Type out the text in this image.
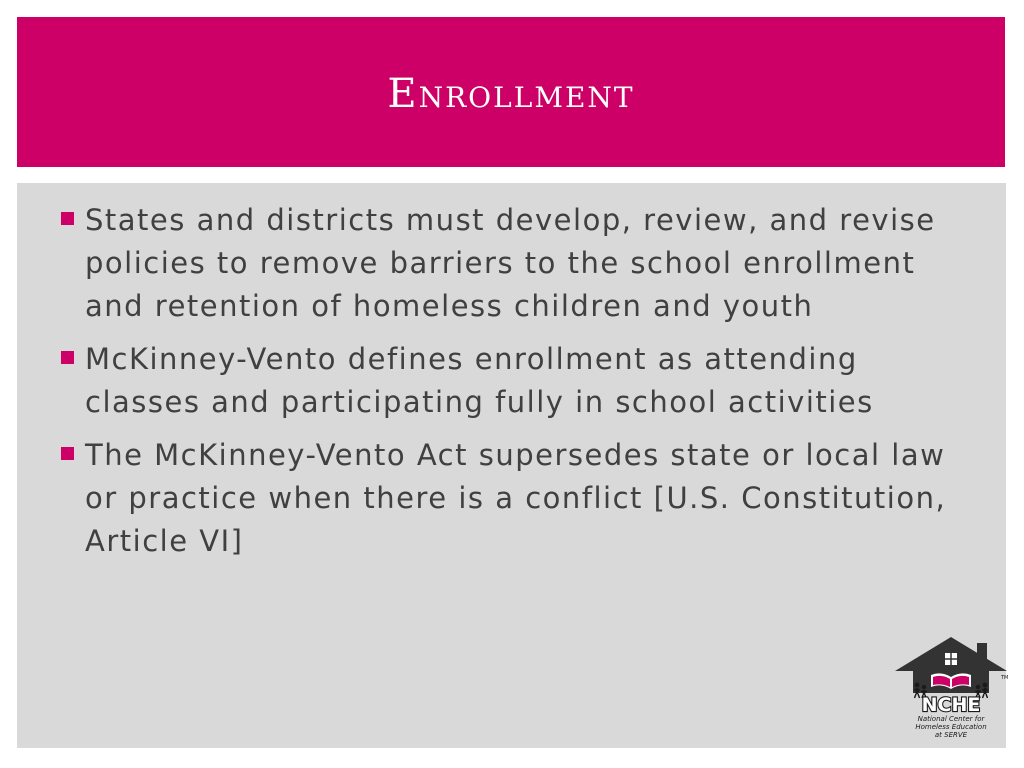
Enrollment
States and districts must develop, review, and revise policies to remove barriers to the school enrollment and retention of homeless children and youth
McKinney-Vento defines enrollment as attending classes and participating fully in school activities
The McKinney-Vento Act supersedes state or local law or practice when there is a conflict [U.S. Constitution, Article VI]
NCHE
TM
National Center for
Homeless Education
at SERVE
